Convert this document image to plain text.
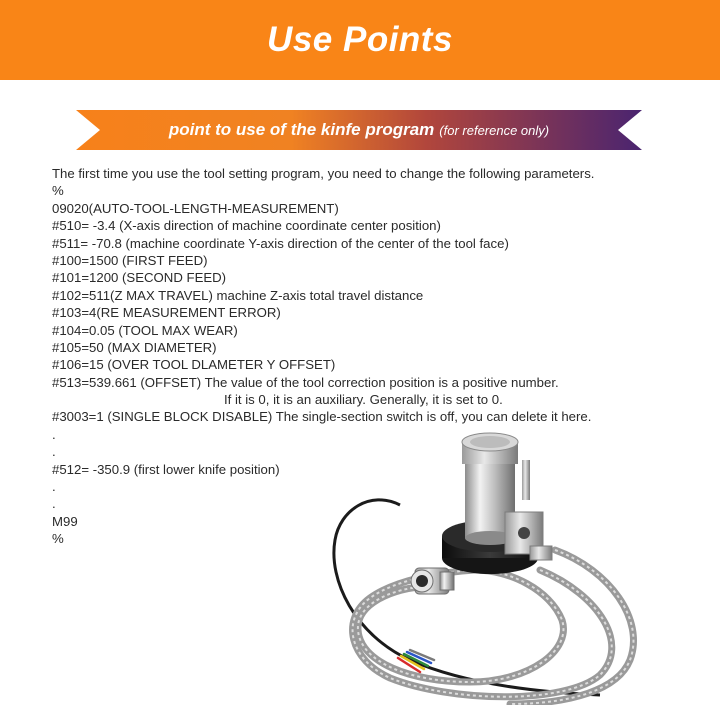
Use Points
point to use of the kinfe program (for reference only)
The first time you use the tool setting program, you need to change the following parameters.
%
09020(AUTO-TOOL-LENGTH-MEASUREMENT)
#510= -3.4 (X-axis direction of machine coordinate center position)
#511= -70.8 (machine coordinate Y-axis direction of the center of the tool face)
#100=1500 (FIRST FEED)
#101=1200 (SECOND FEED)
#102=511(Z MAX TRAVEL) machine Z-axis total travel distance
#103=4(RE MEASUREMENT ERROR)
#104=0.05 (TOOL MAX WEAR)
#105=50 (MAX DIAMETER)
#106=15 (OVER TOOL DLAMETER Y OFFSET)
#513=539.661 (OFFSET) The value of the tool correction position is a positive number.
If it is 0, it is an auxiliary. Generally, it is set to 0.
#3003=1 (SINGLE BLOCK DISABLE) The single-section switch is off, you can delete it here.
.
.
#512= -350.9 (first lower knife position)
.
.
M99
%
